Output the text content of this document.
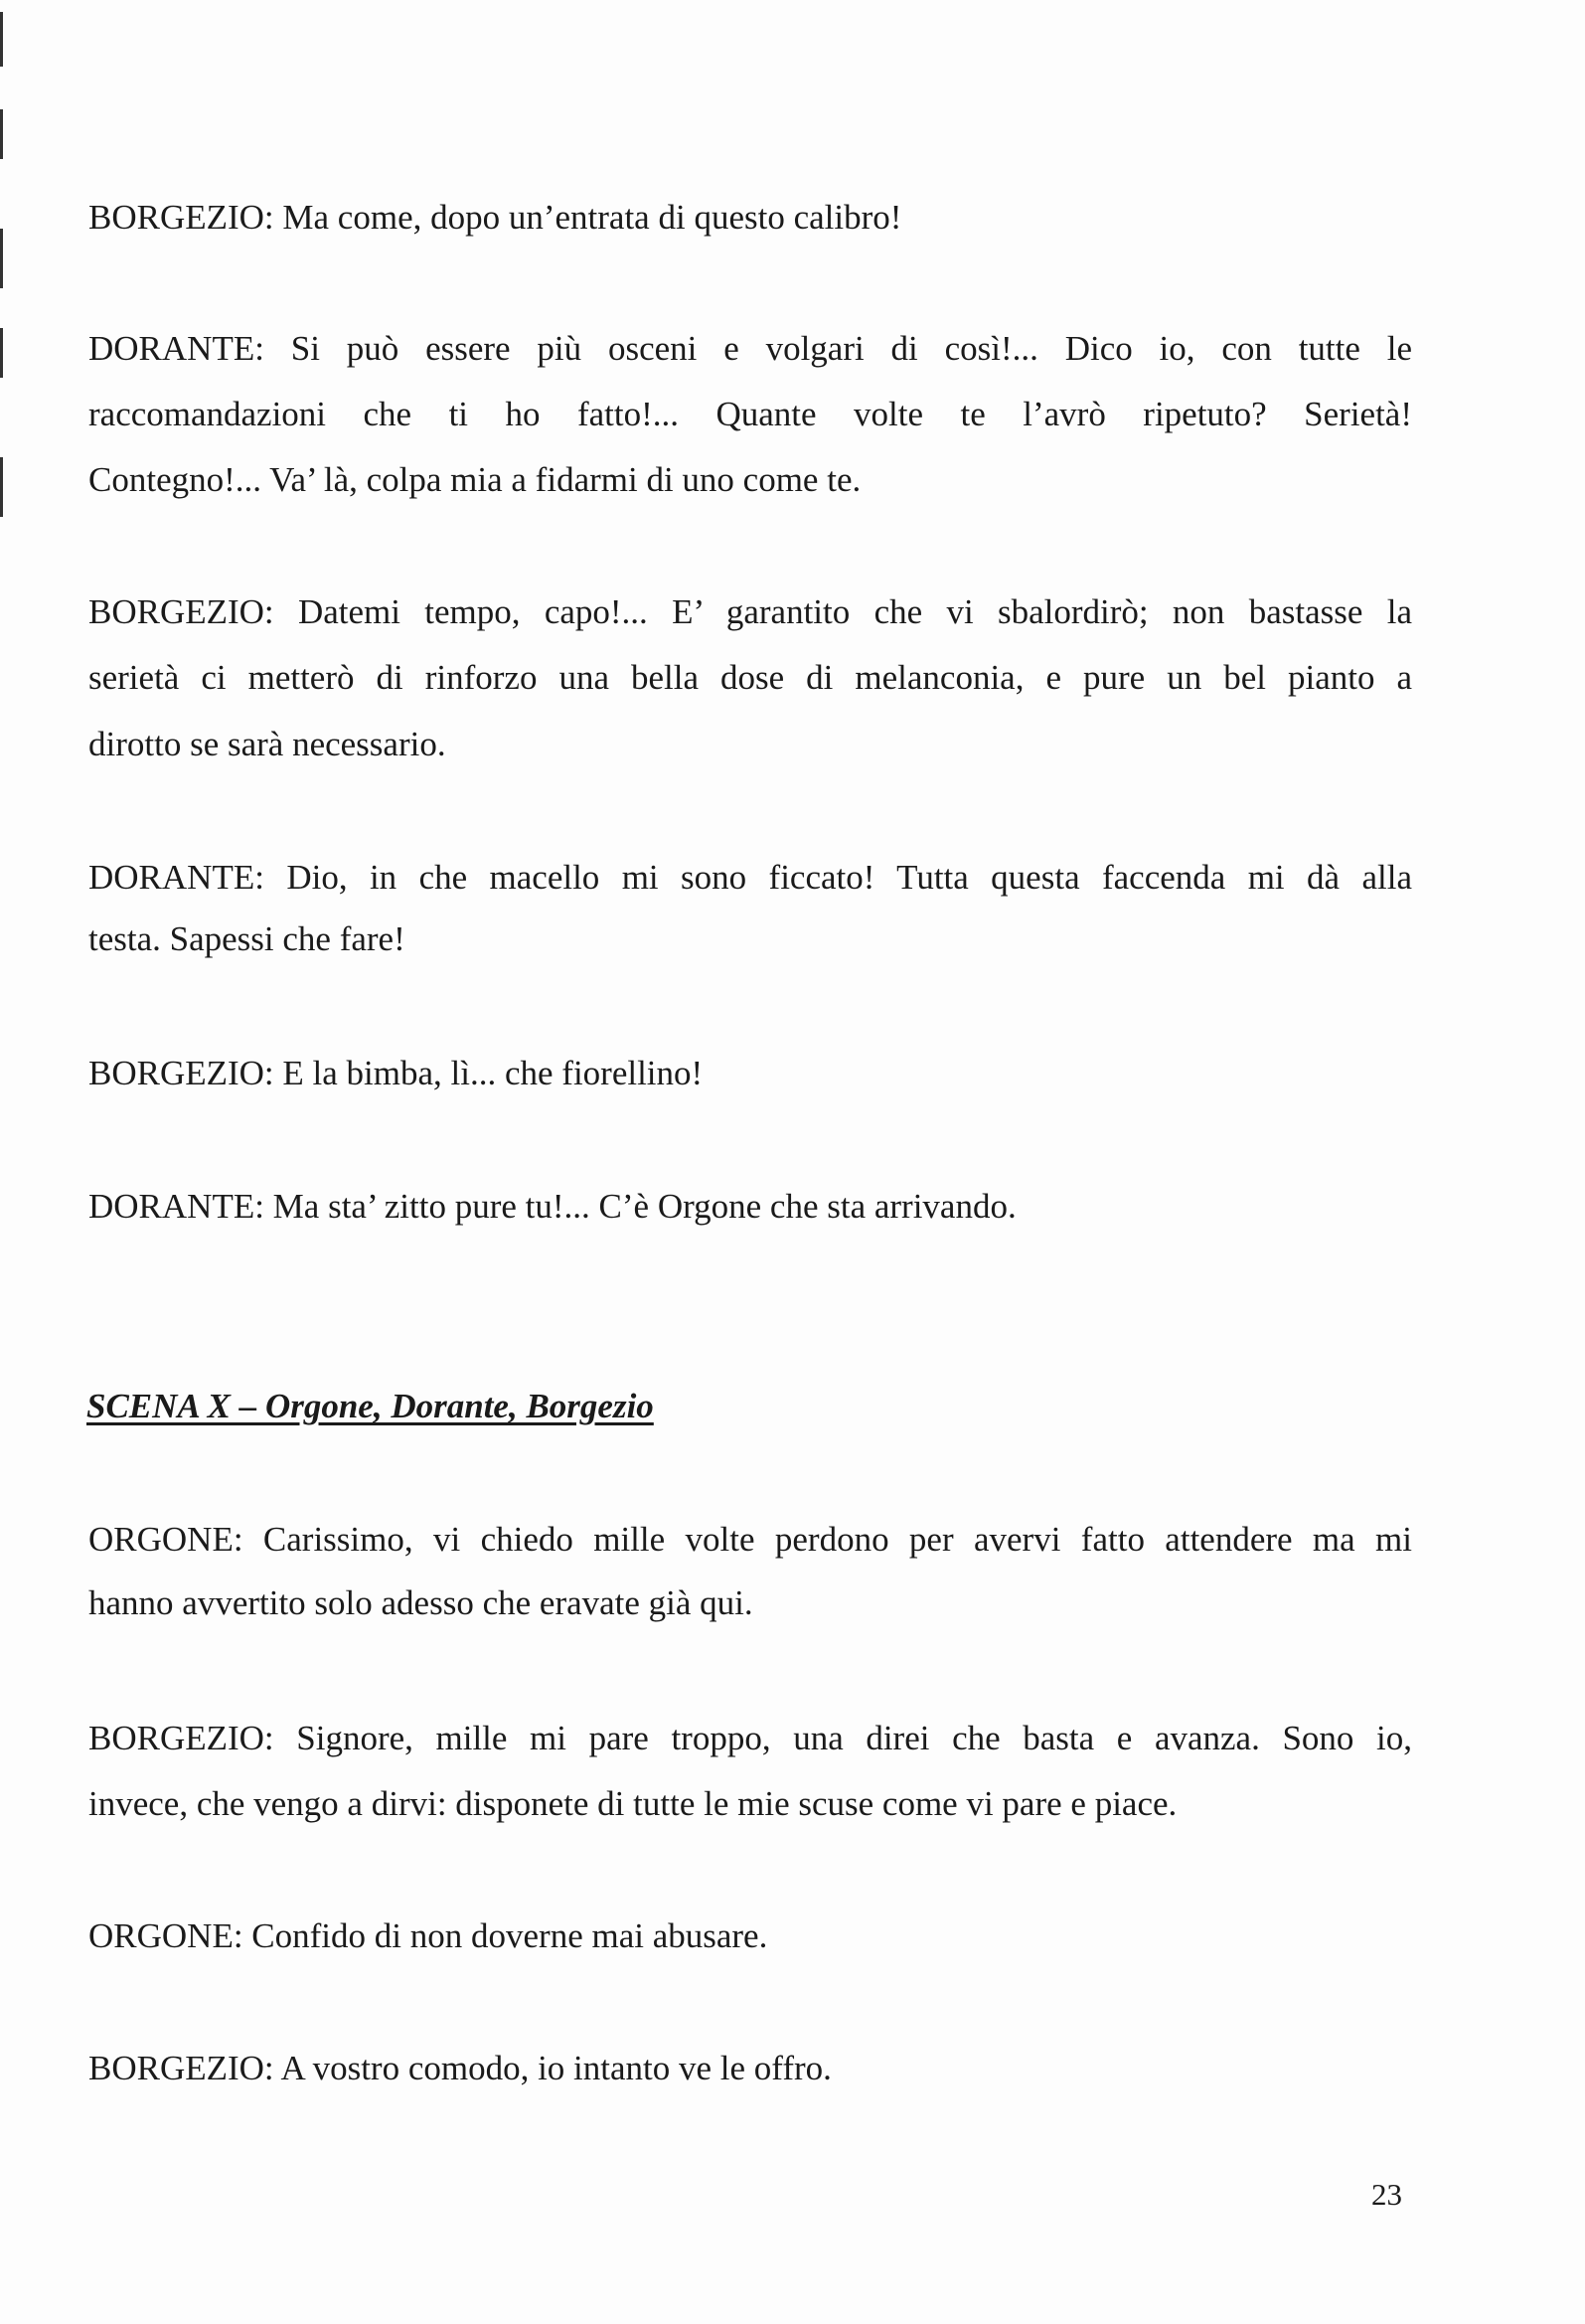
BORGEZIO: Ma come, dopo un’entrata di questo calibro!
DORANTE: Si può essere più osceni e volgari di così!... Dico io, con tutte le
raccomandazioni che ti ho fatto!... Quante volte te l’avrò ripetuto? Serietà!
Contegno!... Va’ là, colpa mia a fidarmi di uno come te.
BORGEZIO: Datemi tempo, capo!... E’ garantito che vi sbalordirò; non bastasse la
serietà ci metterò di rinforzo una bella dose di melanconia, e pure un bel pianto a
dirotto se sarà necessario.
DORANTE: Dio, in che macello mi sono ficcato! Tutta questa faccenda mi dà alla
testa. Sapessi che fare!
BORGEZIO: E la bimba, lì... che fiorellino!
DORANTE: Ma sta’ zitto pure tu!... C’è Orgone che sta arrivando.
ORGONE: Carissimo, vi chiedo mille volte perdono per avervi fatto attendere ma mi
hanno avvertito solo adesso che eravate già qui.
BORGEZIO: Signore, mille mi pare troppo, una direi che basta e avanza. Sono io,
invece, che vengo a dirvi: disponete di tutte le mie scuse come vi pare e piace.
ORGONE: Confido di non doverne mai abusare.
BORGEZIO: A vostro comodo, io intanto ve le offro.
SCENA X – Orgone, Dorante, Borgezio
23
